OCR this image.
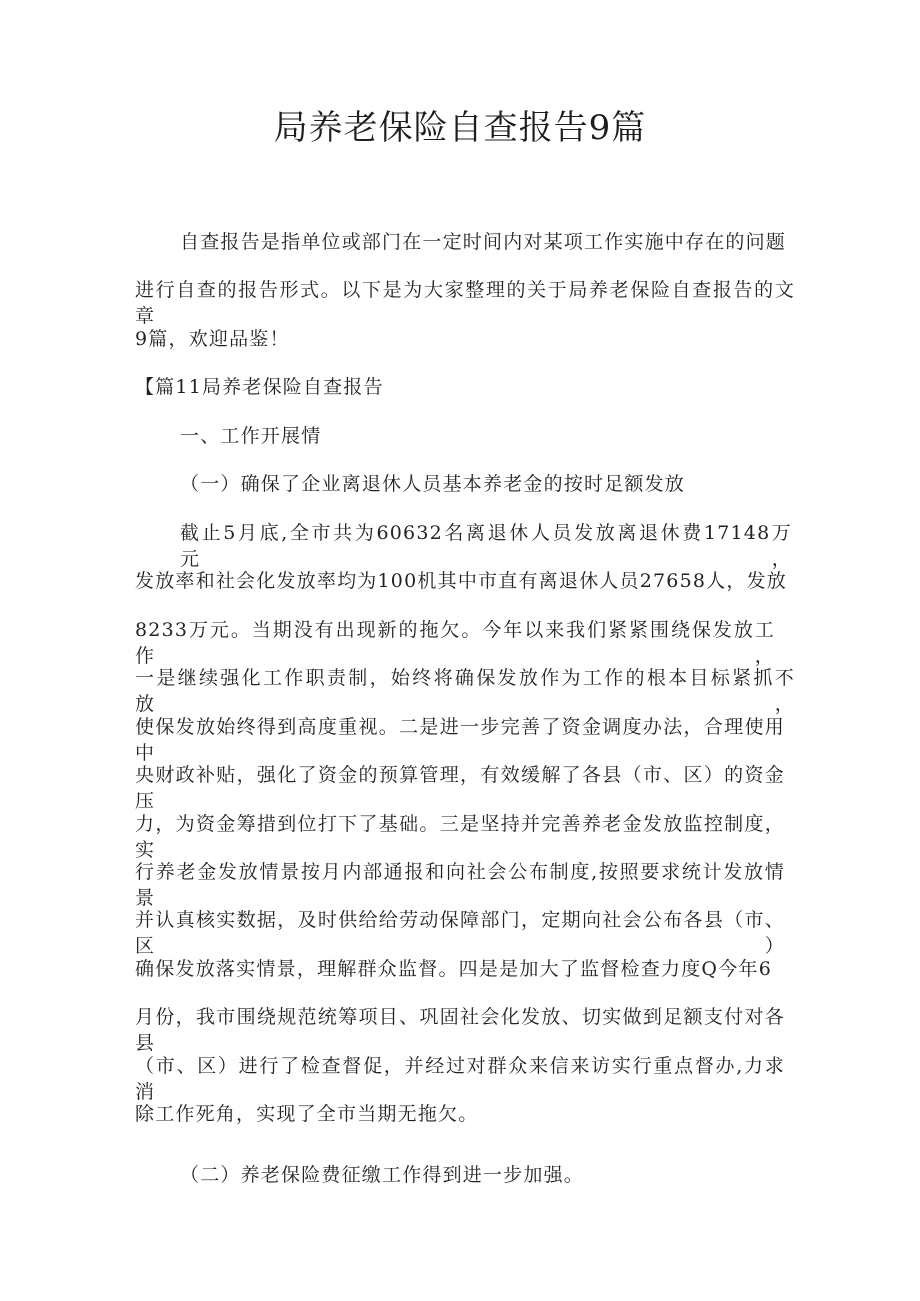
局养老保险自查报告9篇
自查报告是指单位或部门在一定时间内对某项工作实施中存在的问题
进行自查的报告形式。以下是为大家整理的关于局养老保险自查报告的文章
9篇，欢迎品鉴！
【篇11局养老保险自查报告
一、工作开展情
（一）确保了企业离退休人员基本养老金的按时足额发放
截止5月底,全市共为60632名离退休人员发放离退休费17148万元，
发放率和社会化发放率均为100机其中市直有离退休人员27658人，发放
8233万元。当期没有出现新的拖欠。今年以来我们紧紧围绕保发放工作，
一是继续强化工作职责制，始终将确保发放作为工作的根本目标紧抓不放，
使保发放始终得到高度重视。二是进一步完善了资金调度办法，合理使用中
央财政补贴，强化了资金的预算管理，有效缓解了各县（市、区）的资金压
力，为资金筹措到位打下了基础。三是坚持并完善养老金发放监控制度，实
行养老金发放情景按月内部通报和向社会公布制度,按照要求统计发放情景
并认真核实数据，及时供给给劳动保障部门，定期向社会公布各县（市、区）
确保发放落实情景，理解群众监督。四是是加大了监督检查力度Q今年6
月份，我市围绕规范统筹项目、巩固社会化发放、切实做到足额支付对各县
（市、区）进行了检查督促，并经过对群众来信来访实行重点督办,力求消
除工作死角，实现了全市当期无拖欠。
（二）养老保险费征缴工作得到进一步加强。
